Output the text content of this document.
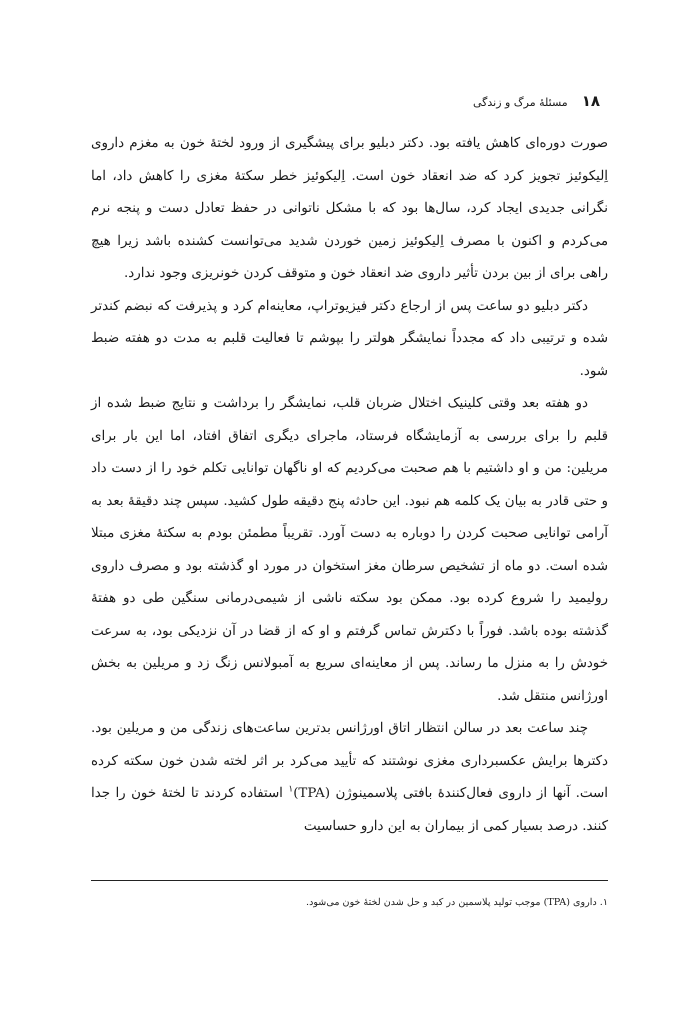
۱۸
مسئلهٔ مرگ و زندگی

صورت دوره‌ای کاهش یافته بود. دکتر دبلیو برای پیشگیری از ورود لختهٔ خون به مغزم داروی اِلیکوئیز تجویز کرد که ضد انعقاد خون است. اِلیکوئیز خطر سکتهٔ مغزی را کاهش داد، اما نگرانی جدیدی ایجاد کرد، سال‌ها بود که با مشکل ناتوانی در حفظ تعادل دست و پنجه نرم می‌کردم و اکنون با مصرف اِلیکوئیز زمین خوردن شدید می‌توانست کشنده باشد زیرا هیچ راهی برای از بین بردن تأثیر داروی ضد انعقاد خون و متوقف کردن خونریزی وجود ندارد.

دکتر دبلیو دو ساعت پس از ارجاع دکتر فیزیوتراپ، معاینه‌ام کرد و پذیرفت که نبضم کندتر شده و ترتیبی داد که مجدداً نمایشگر هولتر را بپوشم تا فعالیت قلبم به مدت دو هفته ضبط شود.

دو هفته بعد وقتی کلینیک اختلال ضربان قلب، نمایشگر را برداشت و نتایج ضبط شده از قلبم را برای بررسی به آزمایشگاه فرستاد، ماجرای دیگری اتفاق افتاد، اما این بار برای مریلین: من و او داشتیم با هم صحبت می‌کردیم که او ناگهان توانایی تکلم خود را از دست داد و حتی قادر به بیان یک کلمه هم نبود. این حادثه پنج دقیقه طول کشید. سپس چند دقیقهٔ بعد به آرامی توانایی صحبت کردن را دوباره به دست آورد. تقریباً مطمئن بودم به سکتهٔ مغزی مبتلا شده است. دو ماه از تشخیص سرطان مغز استخوان در مورد او گذشته بود و مصرف داروی رولیمید را شروع کرده بود. ممکن بود سکته ناشی از شیمی‌درمانی سنگین طی دو هفتهٔ گذشته بوده باشد. فوراً با دکترش تماس گرفتم و او که از قضا در آن نزدیکی بود، به سرعت خودش را به منزل ما رساند. پس از معاینه‌ای سریع به آمبولانس زنگ زد و مریلین به بخش اورژانس منتقل شد.

چند ساعت بعد در سالن انتظار اتاق اورژانس بدترین ساعت‌های زندگی من و مریلین بود. دکترها برایش عکسبرداری مغزی نوشتند که تأیید می‌کرد بر اثر لخته شدن خون سکته کرده است. آنها از داروی فعال‌کنندهٔ بافتی پلاسمینوژن (TPA)$^۱$ استفاده کردند تا لختهٔ خون را جدا کنند. درصد بسیار کمی از بیماران به این دارو حساسیت

۱. داروی (TPA) موجب تولید پلاسمین در کبد و حل شدن لختهٔ خون می‌شود.
